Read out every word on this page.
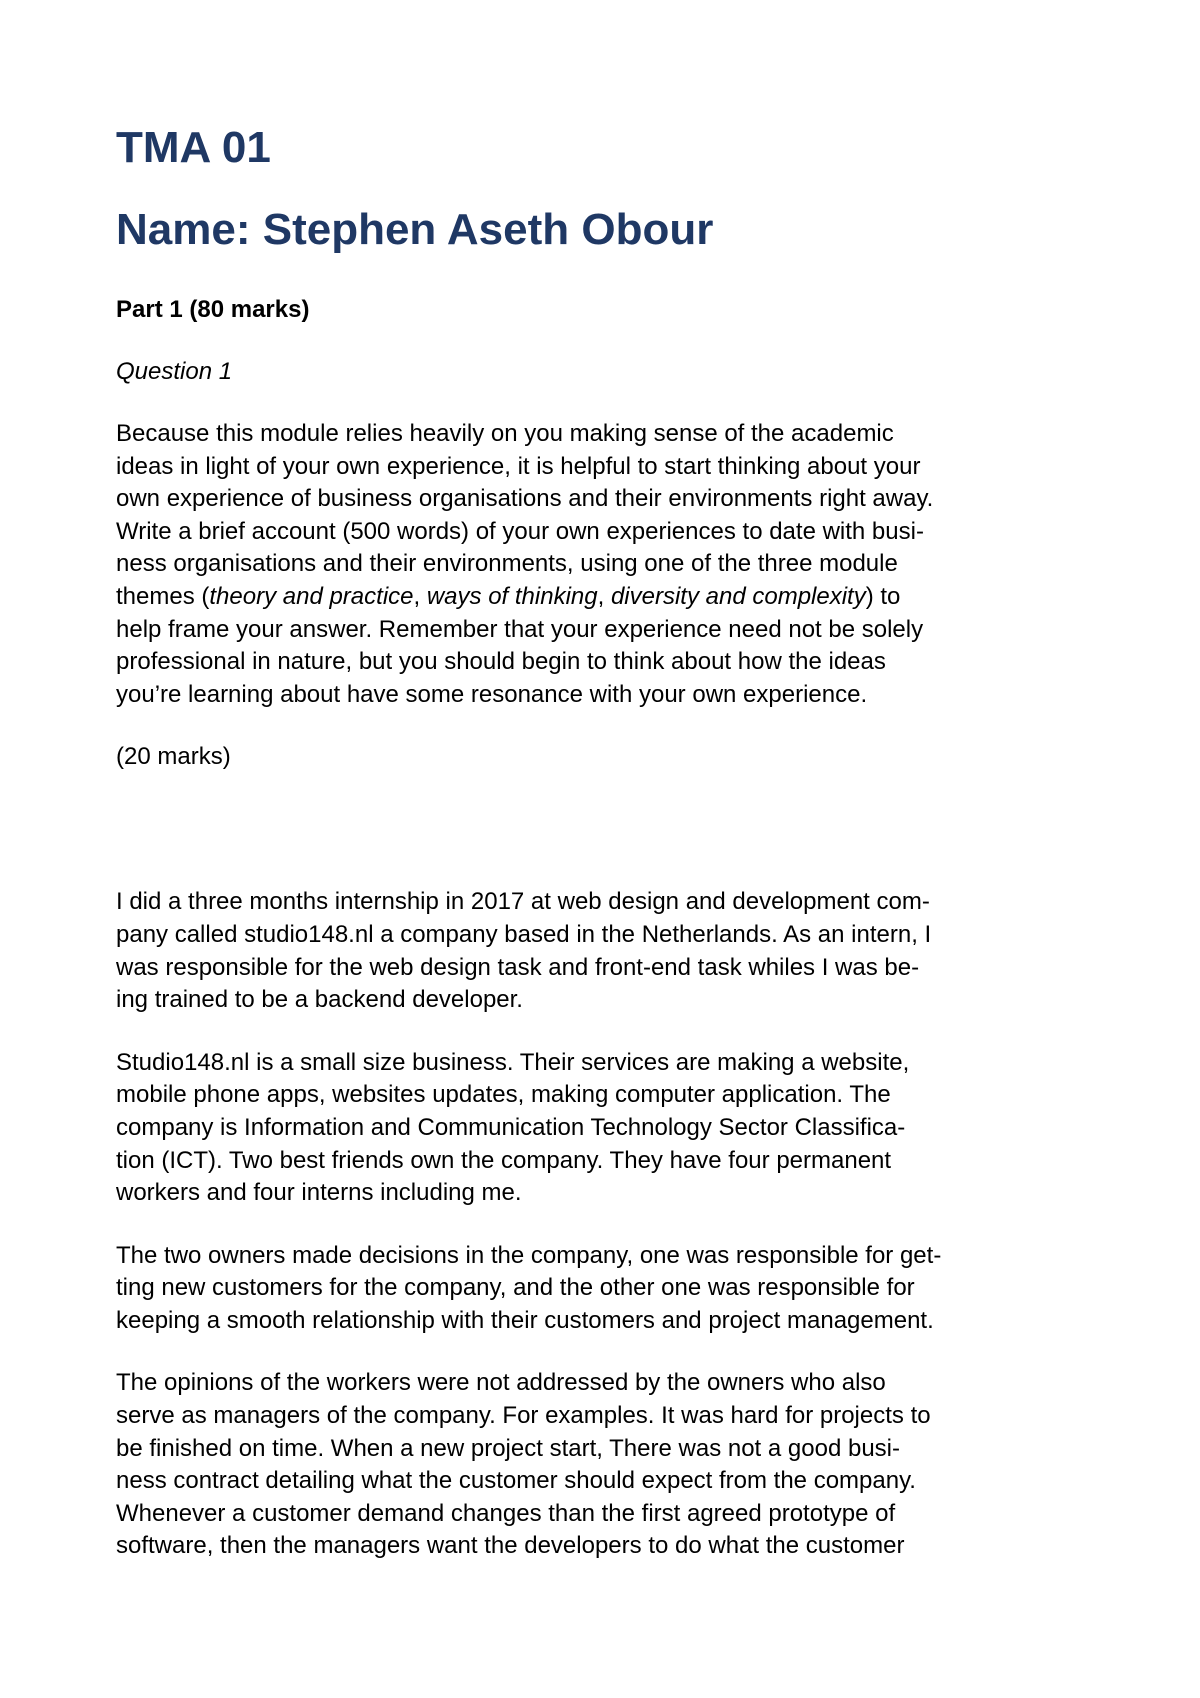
TMA 01
Name: Stephen Aseth Obour
Part 1 (80 marks)
Question 1

Because this module relies heavily on you making sense of the academic
ideas in light of your own experience, it is helpful to start thinking about your
own experience of business organisations and their environments right away.
Write a brief account (500 words) of your own experiences to date with busi-
ness organisations and their environments, using one of the three module
themes (theory and practice, ways of thinking, diversity and complexity) to
help frame your answer. Remember that your experience need not be solely
professional in nature, but you should begin to think about how the ideas
you’re learning about have some resonance with your own experience.

(20 marks)

I did a three months internship in 2017 at web design and development com-
pany called studio148.nl a company based in the Netherlands. As an intern, I
was responsible for the web design task and front-end task whiles I was be-
ing trained to be a backend developer.

Studio148.nl is a small size business. Their services are making a website,
mobile phone apps, websites updates, making computer application. The
company is Information and Communication Technology Sector Classifica-
tion (ICT). Two best friends own the company. They have four permanent
workers and four interns including me.

The two owners made decisions in the company, one was responsible for get-
ting new customers for the company, and the other one was responsible for
keeping a smooth relationship with their customers and project management.

The opinions of the workers were not addressed by the owners who also
serve as managers of the company. For examples. It was hard for projects to
be finished on time. When a new project start, There was not a good busi-
ness contract detailing what the customer should expect from the company.
Whenever a customer demand changes than the first agreed prototype of
software, then the managers want the developers to do what the customer
